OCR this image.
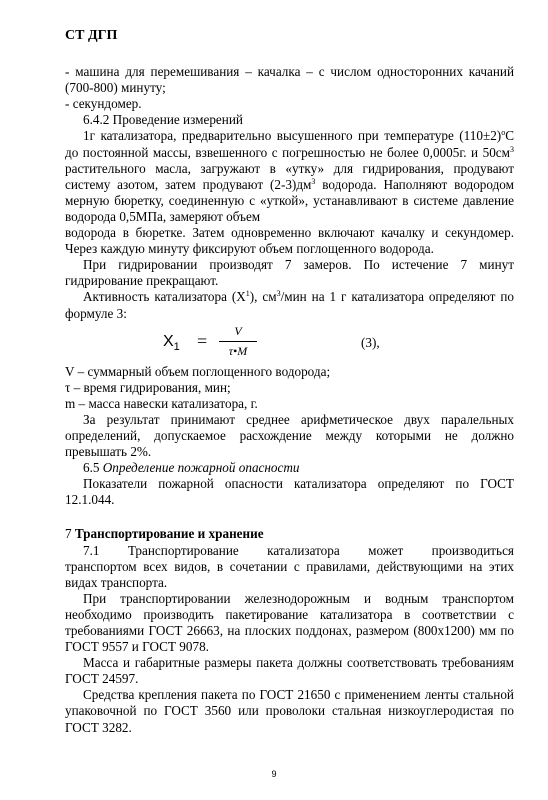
СТ ДГП

- машина для перемешивания – качалка – с числом односторонних качаний (700-800) минуту;

- секундомер.

6.4.2 Проведение измерений

1г катализатора, предварительно высушенного при температуре $(110\pm 2)^оС$ до постоянной массы, взвешенного с погрешностью не более 0,0005г. и $50см^3$ растительного масла, загружают в «утку» для гидрирования, продувают систему азотом, затем продувают $(2-3)дм^3$ водорода. Наполняют водородом мерную бюретку, соединенную с «уткой», устанавливают в системе давление водорода 0,5МПа, замеряют объем

водорода в бюретке. Затем одновременно включают качалку и секундомер. Через каждую минуту фиксируют объем поглощенного водорода.

При гидрировании производят 7 замеров. По истечение 7 минут гидрирование прекращают.

Активность катализатора $(Х^1)$, $см^3$/мин на 1 г катализатора определяют по формуле 3:

$Х_1$ =	V
τ•M
(3),

V – суммарный объем поглощенного водорода;

τ – время гидрирования, мин;

m – масса навески катализатора, г.

За результат принимают среднее арифметическое двух паралельных определений, допускаемое расхождение между которыми не должно превышать 2%.

6.5 Определение пожарной опасности

Показатели пожарной опасности катализатора определяют по ГОСТ 12.1.044.

7 Транспортирование и хранение

7.1 Транспортирование катализатора может производиться

транспортом всех видов, в сочетании с правилами, действующими на этих видах транспорта.

При транспортировании железнодорожным и водным транспортом необходимо производить пакетирование катализатора в соответствии с требованиями ГОСТ 26663, на плоских поддонах, размером (800х1200) мм по ГОСТ 9557 и ГОСТ 9078.

Масса и габаритные размеры пакета должны соответствовать требованиям ГОСТ 24597.

Средства крепления пакета по ГОСТ 21650 с применением ленты стальной упаковочной по ГОСТ 3560 или проволоки стальная низкоуглеродистая по ГОСТ 3282.

9
